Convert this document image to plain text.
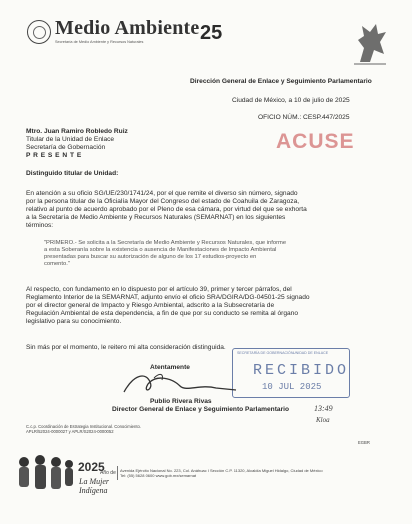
Medio Ambiente
Secretaría de Medio Ambiente y Recursos Naturales	25
Dirección General de Enlace y Seguimiento Parlamentario
Ciudad de México, a 10 de julio de 2025
OFICIO NÚM.: CESP.447/2025
ACUSE
Mtro. Juan Ramiro Robledo Ruiz
Titular de la Unidad de Enlace
Secretaría de Gobernación
P R E S E N T E
Distinguido titular de Unidad:
En atención a su oficio SG/UE/230/1741/24, por el que remite el diverso sin número, signado
por la persona titular de la Oficialía Mayor del Congreso del estado de Coahuila de Zaragoza,
relativo al punto de acuerdo aprobado por el Pleno de esa cámara, por virtud del que se exhorta
a la Secretaría de Medio Ambiente y Recursos Naturales (SEMARNAT) en los siguientes
términos:
"PRIMERO.- Se solicita a la Secretaría de Medio Ambiente y Recursos Naturales, que informe
a esta Soberanía sobre la existencia o ausencia de Manifestaciones de Impacto Ambiental
presentadas para buscar su autorización de alguno de los 17 estudios-proyecto en
comento."
Al respecto, con fundamento en lo dispuesto por el artículo 39, primer y tercer párrafos, del
Reglamento Interior de la SEMARNAT, adjunto envío el oficio SRA/DGIRA/DG-04501-25 signado
por el director general de Impacto y Riesgo Ambiental, adscrito a la Subsecretaría de
Regulación Ambiental de esta dependencia, a fin de que por su conducto se remita al órgano
legislativo para su conocimiento.
Sin más por el momento, le reitero mi alta consideración distinguida.
SECRETARÍA DE GOBERNACIÓN UNIDAD DE ENLACE
RECIBIDO
10 JUL 2025
Atentamente
Publio Rivera Rivas
Director General de Enlace y Seguimiento Parlamentario	13:49
Kloa
C.c.p. Coordinación de Estrategia Institucional. Conocimiento.
APLR/52024-0000027 y APLR/S2024-0000052
EGBR
2025
Año de
La Mujer
Indígena
Avenida Ejército Nacional No. 223, Col. Anáhuac I Sección C.P. 11320, Alcaldía Miguel Hidalgo, Ciudad de México
Tel: (55) 5628 0600 www.gob.mx/semarnat
